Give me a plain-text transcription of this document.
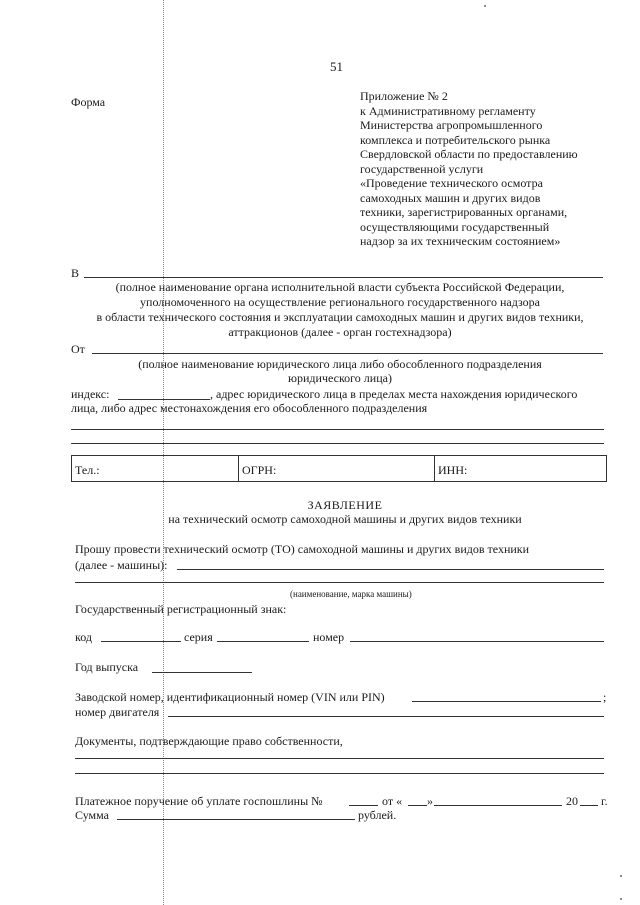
51
Форма	Приложение № 2
к Административному регламенту
Министерства агропромышленного
комплекса и потребительского рынка
Свердловской области по предоставлению
государственной услуги
«Проведение технического осмотра
самоходных машин и других видов
техники, зарегистрированных органами,
осуществляющими государственный
надзор за их техническим состоянием»
В
(полное наименование органа исполнительной власти субъекта Российской Федерации,
уполномоченного на осуществление регионального государственного надзора
в области технического состояния и эксплуатации самоходных машин и других видов техники,
аттракционов (далее - орган гостехнадзора)
От
(полное наименование юридического лица либо обособленного подразделения
юридического лица)
индекс:	, адрес юридического лица в пределах места нахождения юридического
лица, либо адрес местонахождения его обособленного подразделения
Тел.:	ОГРН:	ИНН:
ЗАЯВЛЕНИЕ
на технический осмотр самоходной машины и других видов техники
Прошу провести технический осмотр (ТО) самоходной машины и других видов техники
(далее - машины):
(наименование, марка машины)
Государственный регистрационный знак:
код	серия	номер
Год выпуска
Заводской номер, идентификационный номер (VIN или PIN)	;
номер двигателя
Документы, подтверждающие право собственности,
Платежное поручение об уплате госпошлины №	от « »	20 г.
Сумма	рублей.
